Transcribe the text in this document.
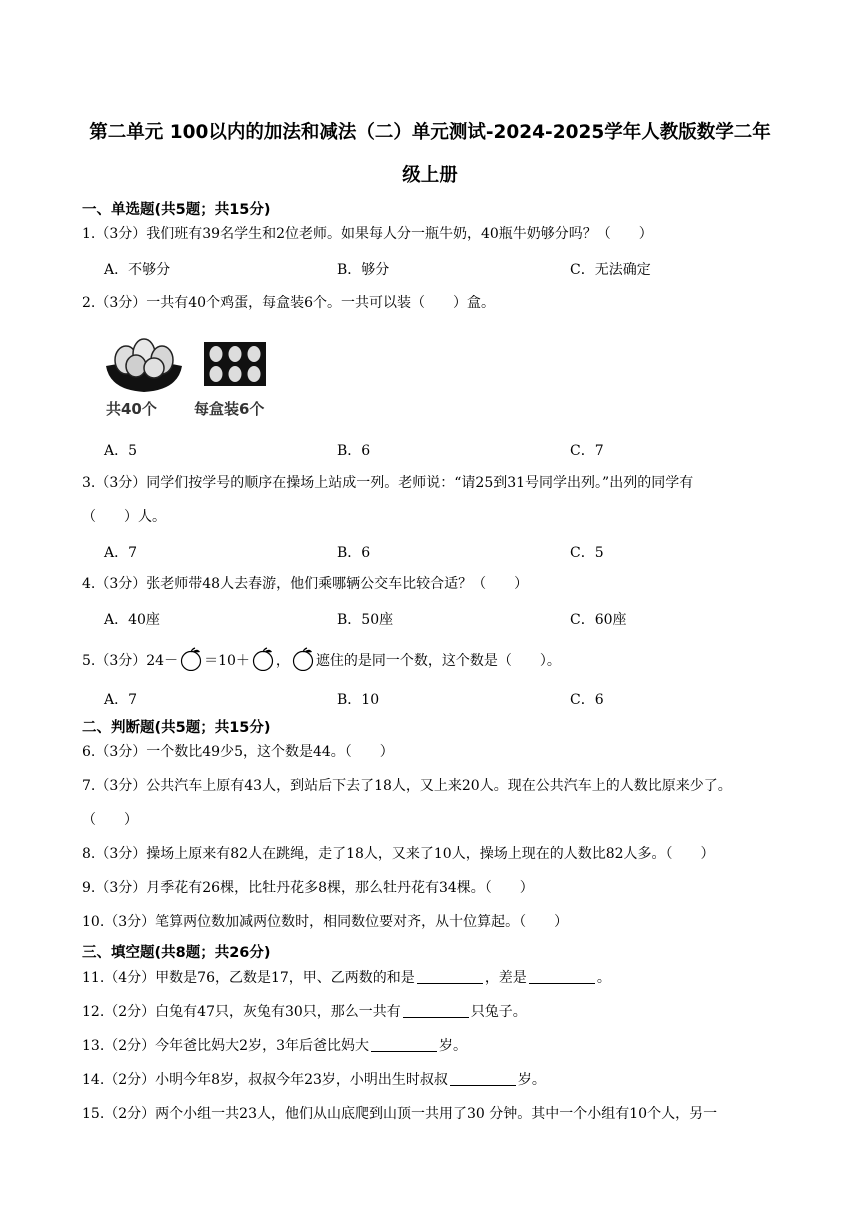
第二单元 100以内的加法和减法（二）单元测试-2024-2025学年人教版数学二年
级上册
一、单选题(共5题；共15分)
1.（3分）我们班有39名学生和2位老师。如果每人分一瓶牛奶，40瓶牛奶够分吗？（　　）
A．不够分	B．够分	C．无法确定
2.（3分）一共有40个鸡蛋，每盒装6个。一共可以装（　　）盒。
共40个 每盒装6个
A．5	B．6	C．7
3.（3分）同学们按学号的顺序在操场上站成一列。老师说：“请25到31号同学出列。”出列的同学有
（　　）人。
A．7	B．6	C．5
4.（3分）张老师带48人去春游，他们乘哪辆公交车比较合适？（　　）
A．40座	B．50座	C．60座
5.（3分）24－ ＝10＋ ， 遮住的是同一个数，这个数是（　　）。
A．7	B．10	C．6
二、判断题(共5题；共15分)
6.（3分）一个数比49少5，这个数是44。（　　）
7.（3分）公共汽车上原有43人，到站后下去了18人，又上来20人。现在公共汽车上的人数比原来少了。
（　　）
8.（3分）操场上原来有82人在跳绳，走了18人，又来了10人，操场上现在的人数比82人多。（　　）
9.（3分）月季花有26棵，比牡丹花多8棵，那么牡丹花有34棵。（　　）
10.（3分）笔算两位数加减两位数时，相同数位要对齐，从十位算起。（　　）
三、填空题(共8题；共26分)
11.（4分）甲数是76，乙数是17，甲、乙两数的和是	，差是	。
12.（2分）白兔有47只，灰兔有30只，那么一共有	只兔子。
13.（2分）今年爸比妈大2岁，3年后爸比妈大	岁。
14.（2分）小明今年8岁，叔叔今年23岁，小明出生时叔叔	岁。
15.（2分）两个小组一共23人，他们从山底爬到山顶一共用了30 分钟。其中一个小组有10个人，另一
